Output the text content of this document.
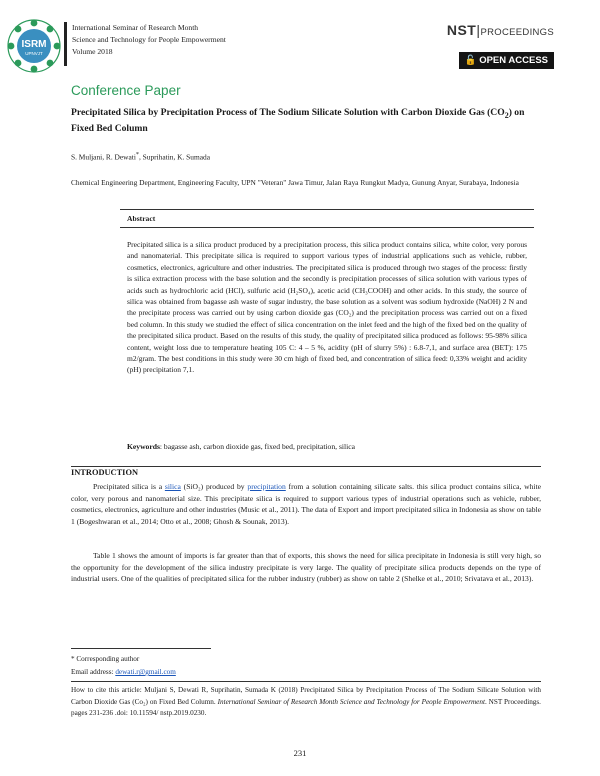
ISRM
UPNVJT
International Seminar of Research Month
Science and Technology for People Empowerment
Volume 2018
NST|PROCEEDINGS
🔓 OPEN ACCESS
Conference Paper
Precipitated Silica by Precipitation Process of The Sodium Silicate Solution with Carbon Dioxide Gas $(CO_2)$ on Fixed Bed Column
S. Muljani, R. Dewati*, Suprihatin, K. Sumada
Chemical Engineering Department, Engineering Faculty, UPN "Veteran" Jawa Timur, Jalan Raya Rungkut Madya, Gunung Anyar, Surabaya, Indonesia
Abstract
Precipitated silica is a silica product produced by a precipitation process, this silica product contains silica, white color, very porous and nanomaterial. This precipitate silica is required to support various types of industrial applications such as vehicle, rubber, cosmetics, electronics, agriculture and other industries. The precipitated silica is produced through two stages of the process: firstly is silica extraction process with the base solution and the secondly is precipitation processes of silica solution with various types of acids such as hydrochloric acid (HCl), sulfuric acid (H₂SO₄), acetic acid (CH₃COOH) and other acids. In this study, the source of silica was obtained from bagasse ash waste of sugar industry, the base solution as a solvent was sodium hydroxide (NaOH) 2 N and the precipitate process was carried out by using carbon dioxide gas (CO₂) and the precipitation process was carried out on a fixed bed column. In this study we studied the effect of silica concentration on the inlet feed and the high of the fixed bed on the quality of the precipitated silica product. Based on the results of this study, the quality of precipitated silica produced as follows: 95-98% silica content, weight loss due to temperature heating 105 C: 4 – 5 %, acidity (pH of slurry 5%) : 6.8-7,1, and surface area (BET): 175 m2/gram. The best conditions in this study were 30 cm high of fixed bed, and concentration of silica feed: 0,33% weight and acidity (pH) precipitation 7,1.
Keywords: bagasse ash, carbon dioxide gas, fixed bed, precipitation, silica
INTRODUCTION
Precipitated silica is a silica (SiO₂) produced by precipitation from a solution containing silicate salts. this silica product contains silica, white color, very porous and nanomaterial size. This precipitate silica is required to support various types of industrial operations such as vehicle, rubber, cosmetics, electronics, agriculture and other industries (Music et al., 2011). The data of Export and import precipitated silica in Indonesia as show on table 1 (Bogeshwaran et al., 2014; Otto et al., 2008; Ghosh & Sounak, 2013).
Table 1 shows the amount of imports is far greater than that of exports, this shows the need for silica precipitate in Indonesia is still very high, so the opportunity for the development of the silica industry precipitate is very large. The quality of precipitate silica products depends on the type of industrial users. One of the qualities of precipitated silica for the rubber industry (rubber) as show on table 2 (Shelke et al., 2010; Srivatava et al., 2013).
* Corresponding author
Email address: dewati.r@gmail.com
How to cite this article: Muljani S, Dewati R, Suprihatin, Sumada K (2018) Precipitated Silica by Precipitation Process of The Sodium Silicate Solution with Carbon Dioxide Gas (Co₂) on Fixed Bed Column. International Seminar of Research Month Science and Technology for People Empowerment. NST Proceedings. pages 231-236 .doi: 10.11594/ nstp.2019.0230.
231
